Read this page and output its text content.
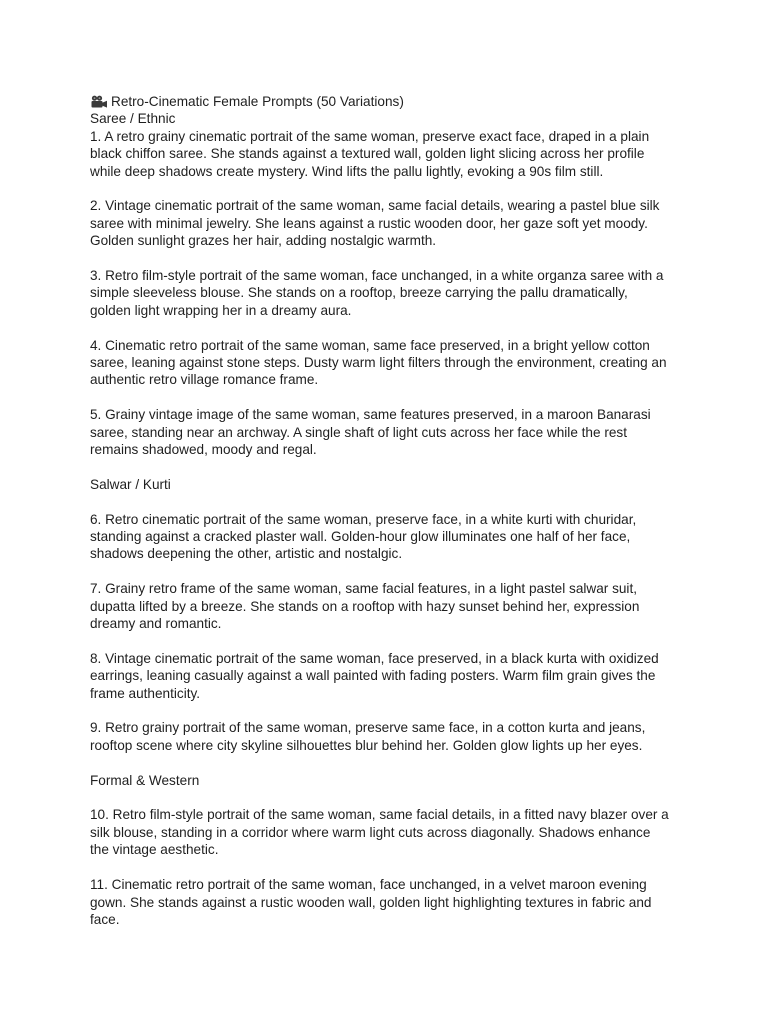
Retro-Cinematic Female Prompts (50 Variations)

Saree / Ethnic

1. A retro grainy cinematic portrait of the same woman, preserve exact face, draped in a plain

black chiffon saree. She stands against a textured wall, golden light slicing across her profile

while deep shadows create mystery. Wind lifts the pallu lightly, evoking a 90s film still.

2. Vintage cinematic portrait of the same woman, same facial details, wearing a pastel blue silk

saree with minimal jewelry. She leans against a rustic wooden door, her gaze soft yet moody.

Golden sunlight grazes her hair, adding nostalgic warmth.

3. Retro film-style portrait of the same woman, face unchanged, in a white organza saree with a

simple sleeveless blouse. She stands on a rooftop, breeze carrying the pallu dramatically,

golden light wrapping her in a dreamy aura.

4. Cinematic retro portrait of the same woman, same face preserved, in a bright yellow cotton

saree, leaning against stone steps. Dusty warm light filters through the environment, creating an

authentic retro village romance frame.

5. Grainy vintage image of the same woman, same features preserved, in a maroon Banarasi

saree, standing near an archway. A single shaft of light cuts across her face while the rest

remains shadowed, moody and regal.

Salwar / Kurti

6. Retro cinematic portrait of the same woman, preserve face, in a white kurti with churidar,

standing against a cracked plaster wall. Golden-hour glow illuminates one half of her face,

shadows deepening the other, artistic and nostalgic.

7. Grainy retro frame of the same woman, same facial features, in a light pastel salwar suit,

dupatta lifted by a breeze. She stands on a rooftop with hazy sunset behind her, expression

dreamy and romantic.

8. Vintage cinematic portrait of the same woman, face preserved, in a black kurta with oxidized

earrings, leaning casually against a wall painted with fading posters. Warm film grain gives the

frame authenticity.

9. Retro grainy portrait of the same woman, preserve same face, in a cotton kurta and jeans,

rooftop scene where city skyline silhouettes blur behind her. Golden glow lights up her eyes.

Formal & Western

10. Retro film-style portrait of the same woman, same facial details, in a fitted navy blazer over a

silk blouse, standing in a corridor where warm light cuts across diagonally. Shadows enhance

the vintage aesthetic.

11. Cinematic retro portrait of the same woman, face unchanged, in a velvet maroon evening

gown. She stands against a rustic wooden wall, golden light highlighting textures in fabric and

face.
